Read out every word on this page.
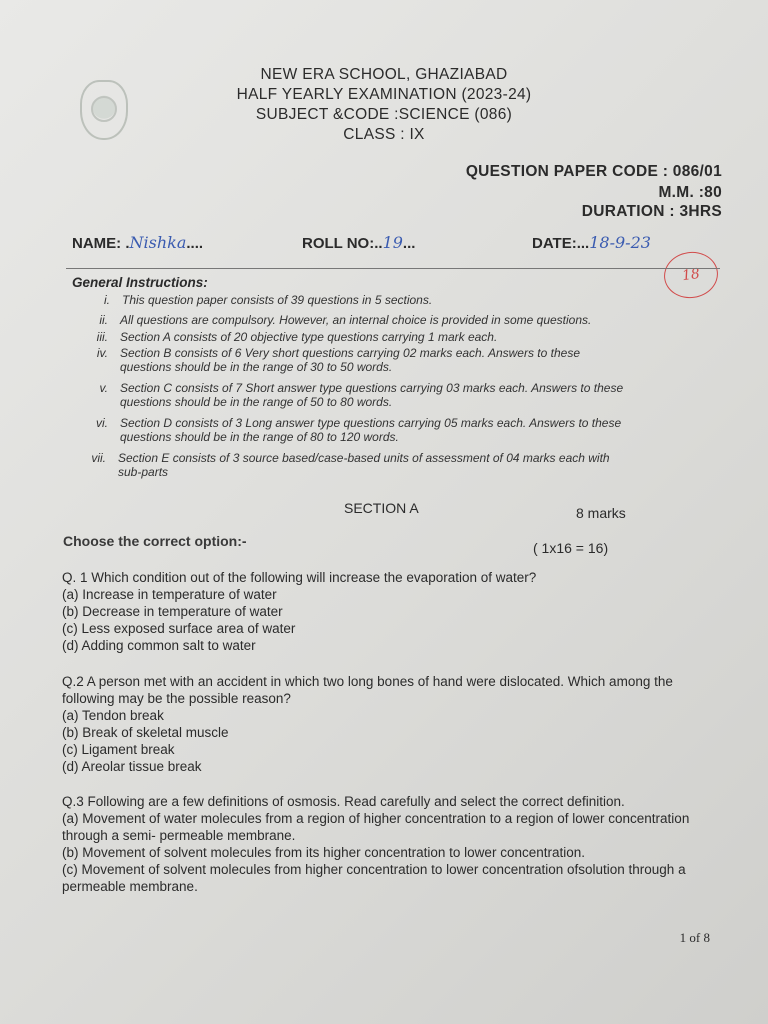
NEW ERA SCHOOL, GHAZIABAD
HALF YEARLY EXAMINATION (2023-24)
SUBJECT &CODE :SCIENCE (086)
CLASS : IX
QUESTION PAPER CODE : 086/01
M.M. :80
DURATION : 3HRS
NAME: .Nishka....	ROLL NO:..19...	DATE:...18-9-23
18
General Instructions:
i. This question paper consists of 39 questions in 5 sections.
ii. All questions are compulsory. However, an internal choice is provided in some questions.
iii. Section A consists of 20 objective type questions carrying 1 mark each.
iv. Section B consists of 6 Very short questions carrying 02 marks each. Answers to these
questions should be in the range of 30 to 50 words.
v. Section C consists of 7 Short answer type questions carrying 03 marks each. Answers to these
questions should be in the range of 50 to 80 words.
vi. Section D consists of 3 Long answer type questions carrying 05 marks each. Answers to these
questions should be in the range of 80 to 120 words.
vii. Section E consists of 3 source based/case-based units of assessment of 04 marks each with
sub-parts
SECTION A	8 marks
Choose the correct option:-	( 1x16 = 16)
Q. 1 Which condition out of the following will increase the evaporation of water?
(a) Increase in temperature of water
(b) Decrease in temperature of water
(c) Less exposed surface area of water
(d) Adding common salt to water
Q.2 A person met with an accident in which two long bones of hand were dislocated. Which among the following may be the possible reason?
(a) Tendon break
(b) Break of skeletal muscle
(c) Ligament break
(d) Areolar tissue break
Q.3 Following are a few definitions of osmosis. Read carefully and select the correct definition.
(a) Movement of water molecules from a region of higher concentration to a region of lower concentration through a semi- permeable membrane.
(b) Movement of solvent molecules from its higher concentration to lower concentration.
(c) Movement of solvent molecules from higher concentration to lower concentration ofsolution through a permeable membrane.
1 of 8
